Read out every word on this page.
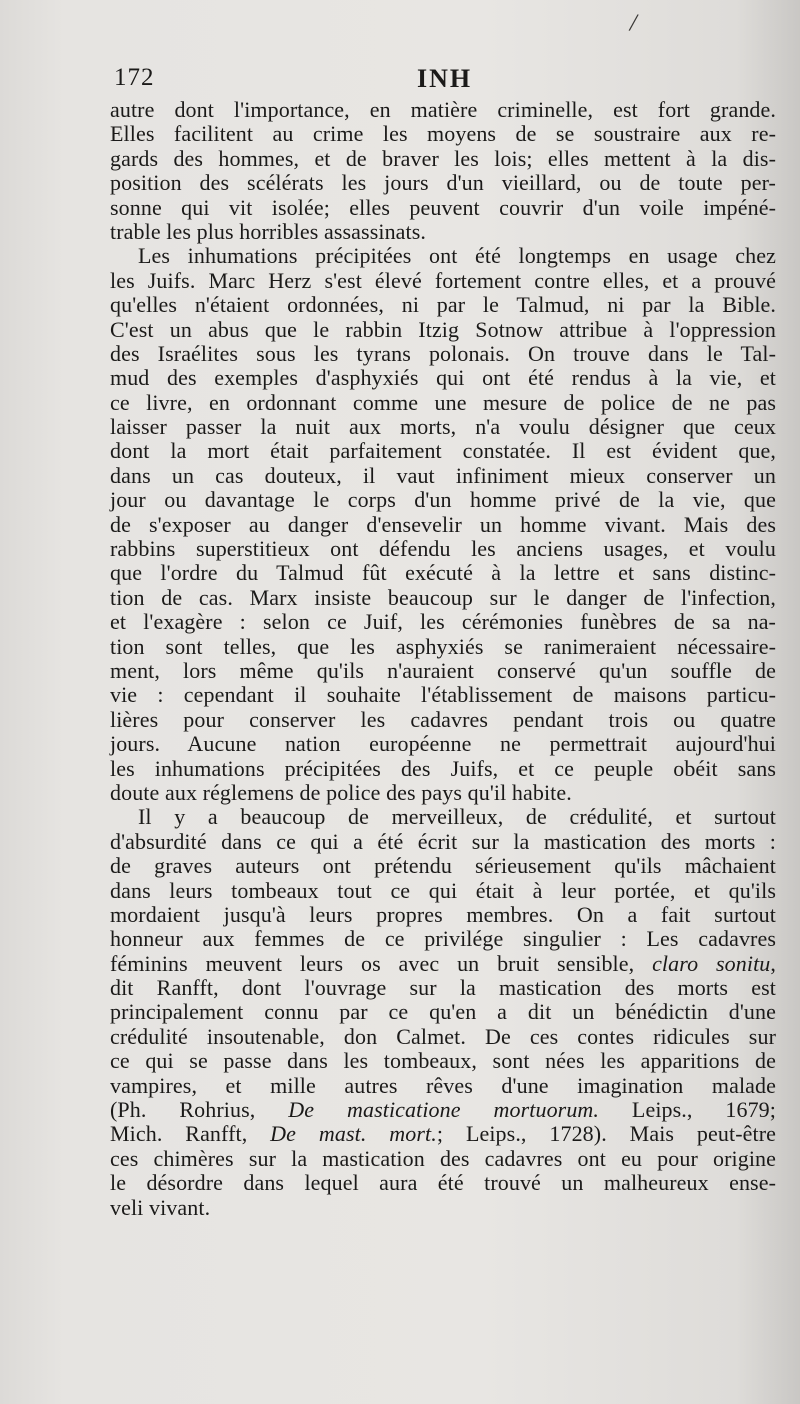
/
172	INH
autre dont l'importance, en matière criminelle, est fort grande.
Elles facilitent au crime les moyens de se soustraire aux re-
gards des hommes, et de braver les lois; elles mettent à la dis-
position des scélérats les jours d'un vieillard, ou de toute per-
sonne qui vit isolée; elles peuvent couvrir d'un voile impéné-
trable les plus horribles assassinats.
Les inhumations précipitées ont été longtemps en usage chez
les Juifs. Marc Herz s'est élevé fortement contre elles, et a prouvé
qu'elles n'étaient ordonnées, ni par le Talmud, ni par la Bible.
C'est un abus que le rabbin Itzig Sotnow attribue à l'oppression
des Israélites sous les tyrans polonais. On trouve dans le Tal-
mud des exemples d'asphyxiés qui ont été rendus à la vie, et
ce livre, en ordonnant comme une mesure de police de ne pas
laisser passer la nuit aux morts, n'a voulu désigner que ceux
dont la mort était parfaitement constatée. Il est évident que,
dans un cas douteux, il vaut infiniment mieux conserver un
jour ou davantage le corps d'un homme privé de la vie, que
de s'exposer au danger d'ensevelir un homme vivant. Mais des
rabbins superstitieux ont défendu les anciens usages, et voulu
que l'ordre du Talmud fût exécuté à la lettre et sans distinc-
tion de cas. Marx insiste beaucoup sur le danger de l'infection,
et l'exagère : selon ce Juif, les cérémonies funèbres de sa na-
tion sont telles, que les asphyxiés se ranimeraient nécessaire-
ment, lors même qu'ils n'auraient conservé qu'un souffle de
vie : cependant il souhaite l'établissement de maisons particu-
lières pour conserver les cadavres pendant trois ou quatre
jours. Aucune nation européenne ne permettrait aujourd'hui
les inhumations précipitées des Juifs, et ce peuple obéit sans
doute aux réglemens de police des pays qu'il habite.
Il y a beaucoup de merveilleux, de crédulité, et surtout
d'absurdité dans ce qui a été écrit sur la mastication des morts :
de graves auteurs ont prétendu sérieusement qu'ils mâchaient
dans leurs tombeaux tout ce qui était à leur portée, et qu'ils
mordaient jusqu'à leurs propres membres. On a fait surtout
honneur aux femmes de ce privilége singulier : Les cadavres
féminins meuvent leurs os avec un bruit sensible, claro sonitu,
dit Ranfft, dont l'ouvrage sur la mastication des morts est
principalement connu par ce qu'en a dit un bénédictin d'une
crédulité insoutenable, don Calmet. De ces contes ridicules sur
ce qui se passe dans les tombeaux, sont nées les apparitions de
vampires, et mille autres rêves d'une imagination malade
(Ph. Rohrius, De masticatione mortuorum. Leips., 1679;
Mich. Ranfft, De mast. mort.; Leips., 1728). Mais peut-être
ces chimères sur la mastication des cadavres ont eu pour origine
le désordre dans lequel aura été trouvé un malheureux ense-
veli vivant.
